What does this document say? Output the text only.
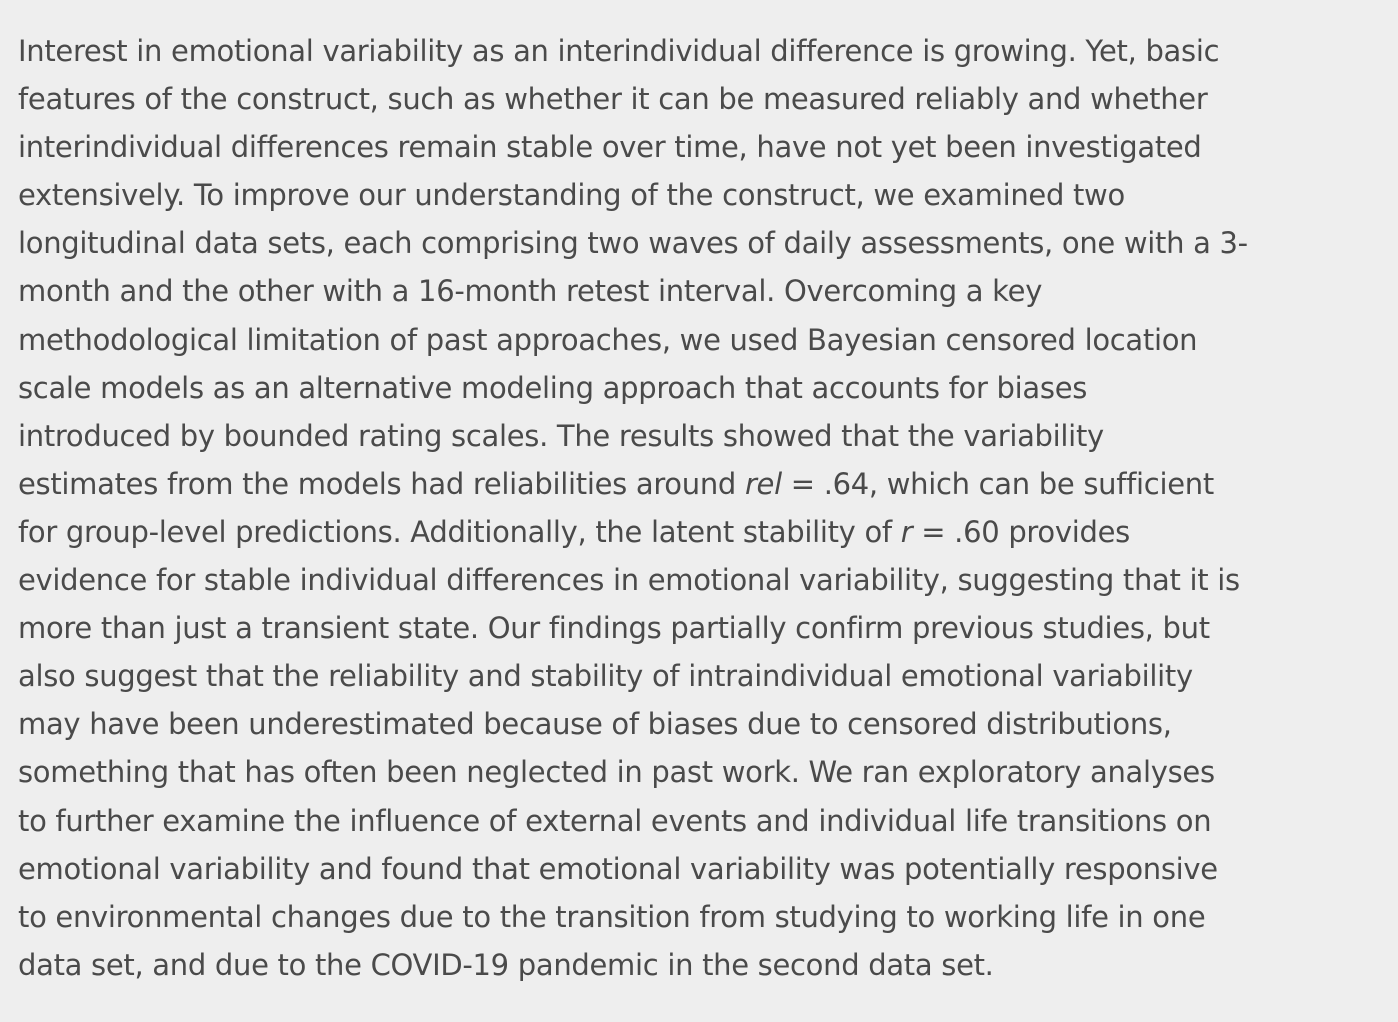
Interest in emotional variability as an interindividual difference is growing. Yet, basic
features of the construct, such as whether it can be measured reliably and whether
interindividual differences remain stable over time, have not yet been investigated
extensively. To improve our understanding of the construct, we examined two
longitudinal data sets, each comprising two waves of daily assessments, one with a 3-
month and the other with a 16-month retest interval. Overcoming a key
methodological limitation of past approaches, we used Bayesian censored location
scale models as an alternative modeling approach that accounts for biases
introduced by bounded rating scales. The results showed that the variability
estimates from the models had reliabilities around rel = .64, which can be sufficient
for group-level predictions. Additionally, the latent stability of r = .60 provides
evidence for stable individual differences in emotional variability, suggesting that it is
more than just a transient state. Our findings partially confirm previous studies, but
also suggest that the reliability and stability of intraindividual emotional variability
may have been underestimated because of biases due to censored distributions,
something that has often been neglected in past work. We ran exploratory analyses
to further examine the influence of external events and individual life transitions on
emotional variability and found that emotional variability was potentially responsive
to environmental changes due to the transition from studying to working life in one
data set, and due to the COVID-19 pandemic in the second data set.
